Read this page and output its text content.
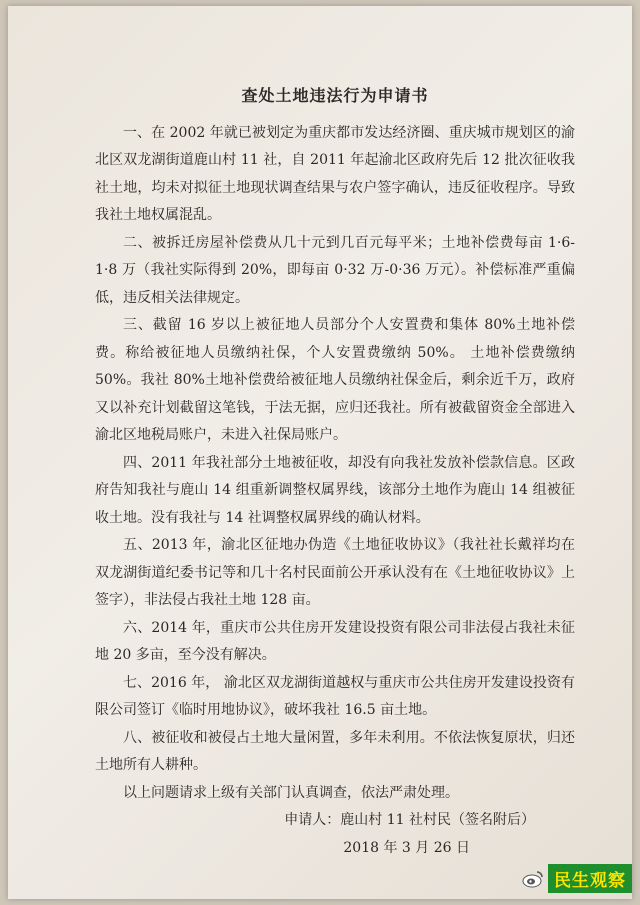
查处土地违法行为申请书

一、在 2002 年就已被划定为重庆都市发达经济圈、重庆城市规划区的渝北区双龙湖街道鹿山村 11 社，自 2011 年起渝北区政府先后 12 批次征收我社土地，均未对拟征土地现状调查结果与农户签字确认，违反征收程序。导致我社土地权属混乱。

二、被拆迁房屋补偿费从几十元到几百元每平米；土地补偿费每亩 1·6-1·8 万（我社实际得到 20%，即每亩 0·32 万-0·36 万元）。补偿标准严重偏低，违反相关法律规定。

三、截留 16 岁以上被征地人员部分个人安置费和集体 80%土地补偿费。称给被征地人员缴纳社保，个人安置费缴纳 50%。 土地补偿费缴纳 50%。我社 80%土地补偿费给被征地人员缴纳社保金后，剩余近千万，政府又以补充计划截留这笔钱，于法无据，应归还我社。所有被截留资金全部进入渝北区地税局账户，未进入社保局账户。

四、2011 年我社部分土地被征收，却没有向我社发放补偿款信息。区政府告知我社与鹿山 14 组重新调整权属界线，该部分土地作为鹿山 14 组被征收土地。没有我社与 14 社调整权属界线的确认材料。

五、2013 年，渝北区征地办伪造《土地征收协议》（我社社长戴祥均在双龙湖街道纪委书记等和几十名村民面前公开承认没有在《土地征收协议》上签字），非法侵占我社土地 128 亩。

六、2014 年，重庆市公共住房开发建设投资有限公司非法侵占我社未征地 20 多亩，至今没有解决。

七、2016 年， 渝北区双龙湖街道越权与重庆市公共住房开发建设投资有限公司签订《临时用地协议》，破坏我社 16.5 亩土地。

八、被征收和被侵占土地大量闲置，多年未利用。不依法恢复原状，归还土地所有人耕种。

以上问题请求上级有关部门认真调查，依法严肃处理。

申请人：鹿山村 11 社村民（签名附后）

2018 年 3 月 26 日

民生观察
